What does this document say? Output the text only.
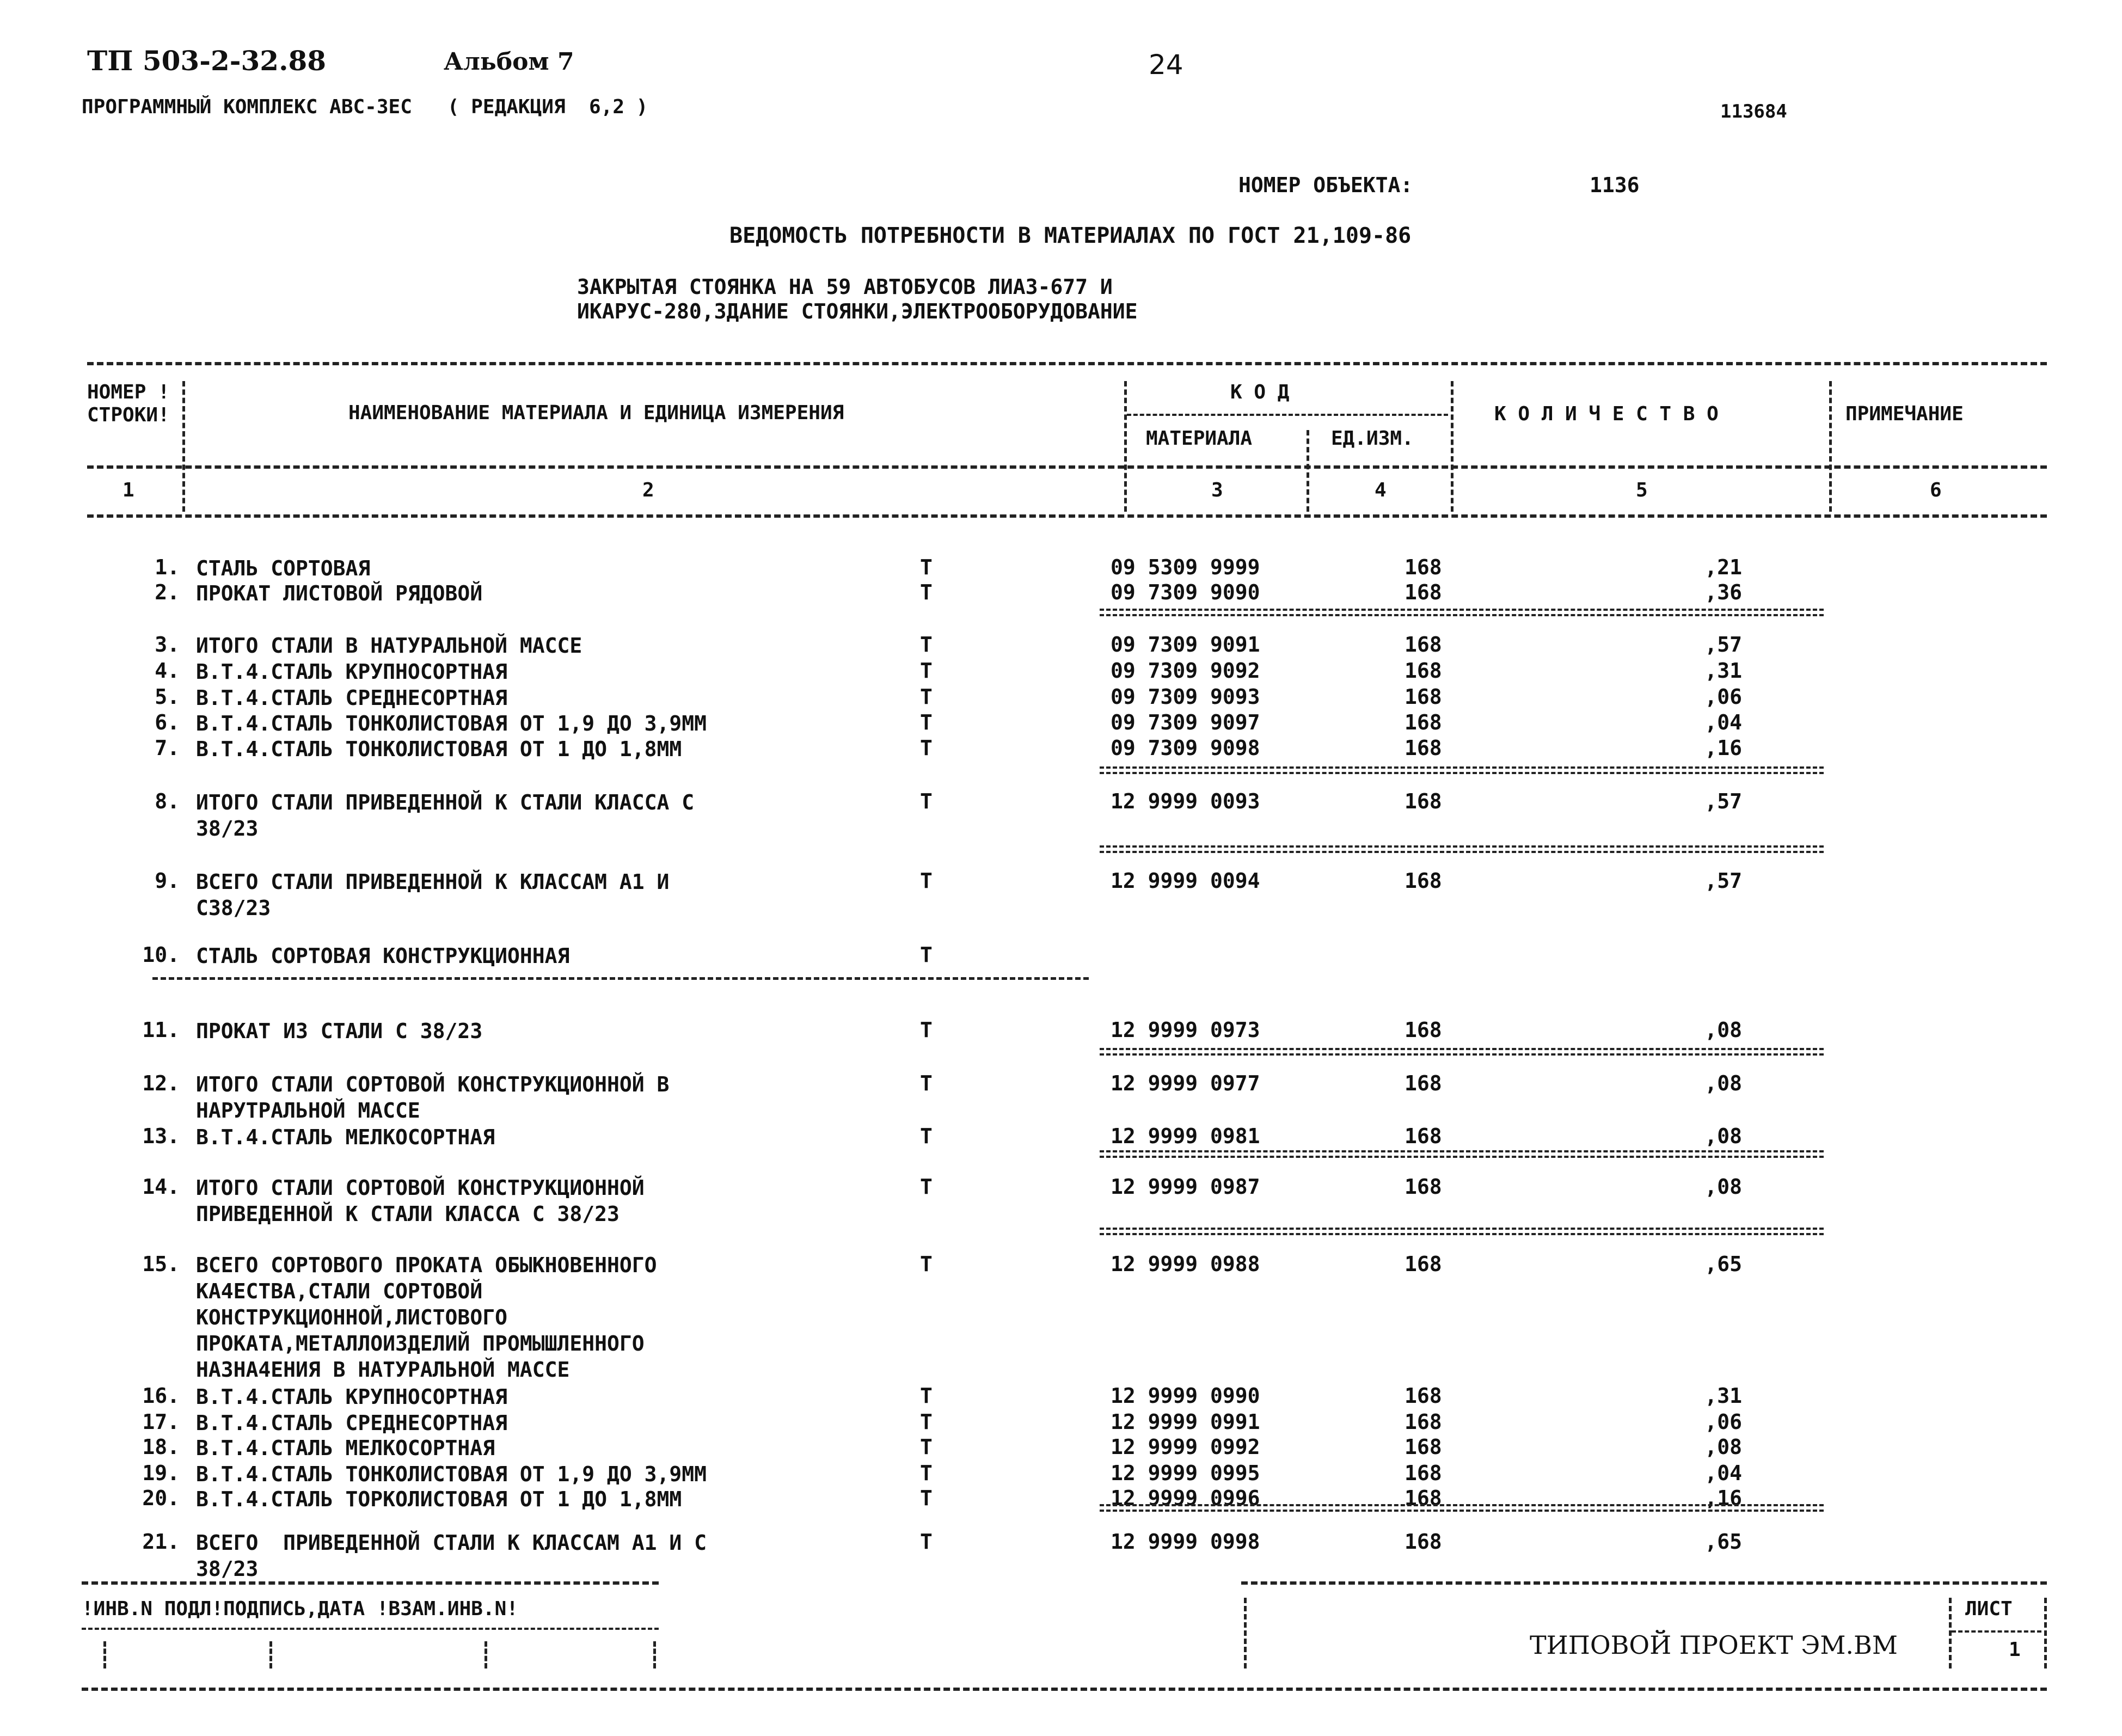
ТП 503-2-32.88	Альбом 7	24
ПРОГРАММНЫЙ КОМПЛЕКС АВС-ЗЕС   ( РЕДАКЦИЯ  6,2 )	113684
НОМЕР ОБЪЕКТА:	1136
ВЕДОМОСТЬ ПОТРЕБНОСТИ В МАТЕРИАЛАХ ПО ГОСТ 21,109-86
ЗАКРЫТАЯ СТОЯНКА НА 59 АВТОБУСОВ ЛИАЗ-677 И
ИКАРУС-280,ЗДАНИЕ СТОЯНКИ,ЭЛЕКТРООБОРУДОВАНИЕ
НОМЕР !
СТРОКИ!	НАИМЕНОВАНИЕ МАТЕРИАЛА И ЕДИНИЦА ИЗМЕРЕНИЯ
К О Д
МАТЕРИАЛА	ЕД.ИЗМ.
К О Л И Ч Е С Т В О	ПРИМЕЧАНИЕ
1	2	3	4	5	6
1. СТАЛЬ СОРТОВАЯ	Т	09 5309 9999	168	,21
2. ПРОКАТ ЛИСТОВОЙ РЯДОВОЙ	Т	09 7309 9090	168	,36
3. ИТОГО СТАЛИ В НАТУРАЛЬНОЙ МАССЕ	Т	09 7309 9091	168	,57
4. В.Т.4.СТАЛЬ КРУПНОСОРТНАЯ	Т	09 7309 9092	168	,31
5. В.Т.4.СТАЛЬ СРЕДНЕСОРТНАЯ	Т	09 7309 9093	168	,06
6. В.Т.4.СТАЛЬ ТОНКОЛИСТОВАЯ ОТ 1,9 ДО 3,9ММ	Т	09 7309 9097	168	,04
7. В.Т.4.СТАЛЬ ТОНКОЛИСТОВАЯ ОТ 1 ДО 1,8ММ	Т	09 7309 9098	168	,16
8. ИТОГО СТАЛИ ПРИВЕДЕННОЙ К СТАЛИ КЛАССА С
38/23
Т	12 9999 0093	168	,57
9. ВСЕГО СТАЛИ ПРИВЕДЕННОЙ К КЛАССАМ А1 И
С38/23
Т	12 9999 0094	168	,57
10. СТАЛЬ СОРТОВАЯ КОНСТРУКЦИОННАЯ	Т
11. ПРОКАТ ИЗ СТАЛИ С 38/23	Т	12 9999 0973	168	,08
12. ИТОГО СТАЛИ СОРТОВОЙ КОНСТРУКЦИОННОЙ В
НАРУТРАЛЬНОЙ МАССЕ
Т	12 9999 0977	168	,08
13. В.Т.4.СТАЛЬ МЕЛКОСОРТНАЯ	Т	12 9999 0981	168	,08
14. ИТОГО СТАЛИ СОРТОВОЙ КОНСТРУКЦИОННОЙ
ПРИВЕДЕННОЙ К СТАЛИ КЛАССА С 38/23
Т	12 9999 0987	168	,08
15. ВСЕГО СОРТОВОГО ПРОКАТА ОБЫКНОВЕННОГО
КА4ЕСТВА,СТАЛИ СОРТОВОЙ
КОНСТРУКЦИОННОЙ,ЛИСТОВОГО
ПРОКАТА,МЕТАЛЛОИЗДЕЛИЙ ПРОМЫШЛЕННОГО
НАЗНА4ЕНИЯ В НАТУРАЛЬНОЙ МАССЕ
Т	12 9999 0988	168	,65
16. В.Т.4.СТАЛЬ КРУПНОСОРТНАЯ	Т	12 9999 0990	168	,31
17. В.Т.4.СТАЛЬ СРЕДНЕСОРТНАЯ	Т	12 9999 0991	168	,06
18. В.Т.4.СТАЛЬ МЕЛКОСОРТНАЯ	Т	12 9999 0992	168	,08
19. В.Т.4.СТАЛЬ ТОНКОЛИСТОВАЯ ОТ 1,9 ДО 3,9ММ	Т	12 9999 0995	168	,04
20. В.Т.4.СТАЛЬ ТОРКОЛИСТОВАЯ ОТ 1 ДО 1,8ММ	Т	12 9999 0996	168	,16
21. ВСЕГО  ПРИВЕДЕННОЙ СТАЛИ К КЛАССАМ А1 И С
38/23
Т	12 9999 0998	168	,65
!ИНВ.N ПОДЛ!ПОДПИСЬ,ДАТА !ВЗАМ.ИНВ.N!
ТИПОВОЙ ПРОЕКТ ЭМ.ВМ
ЛИСТ
1
